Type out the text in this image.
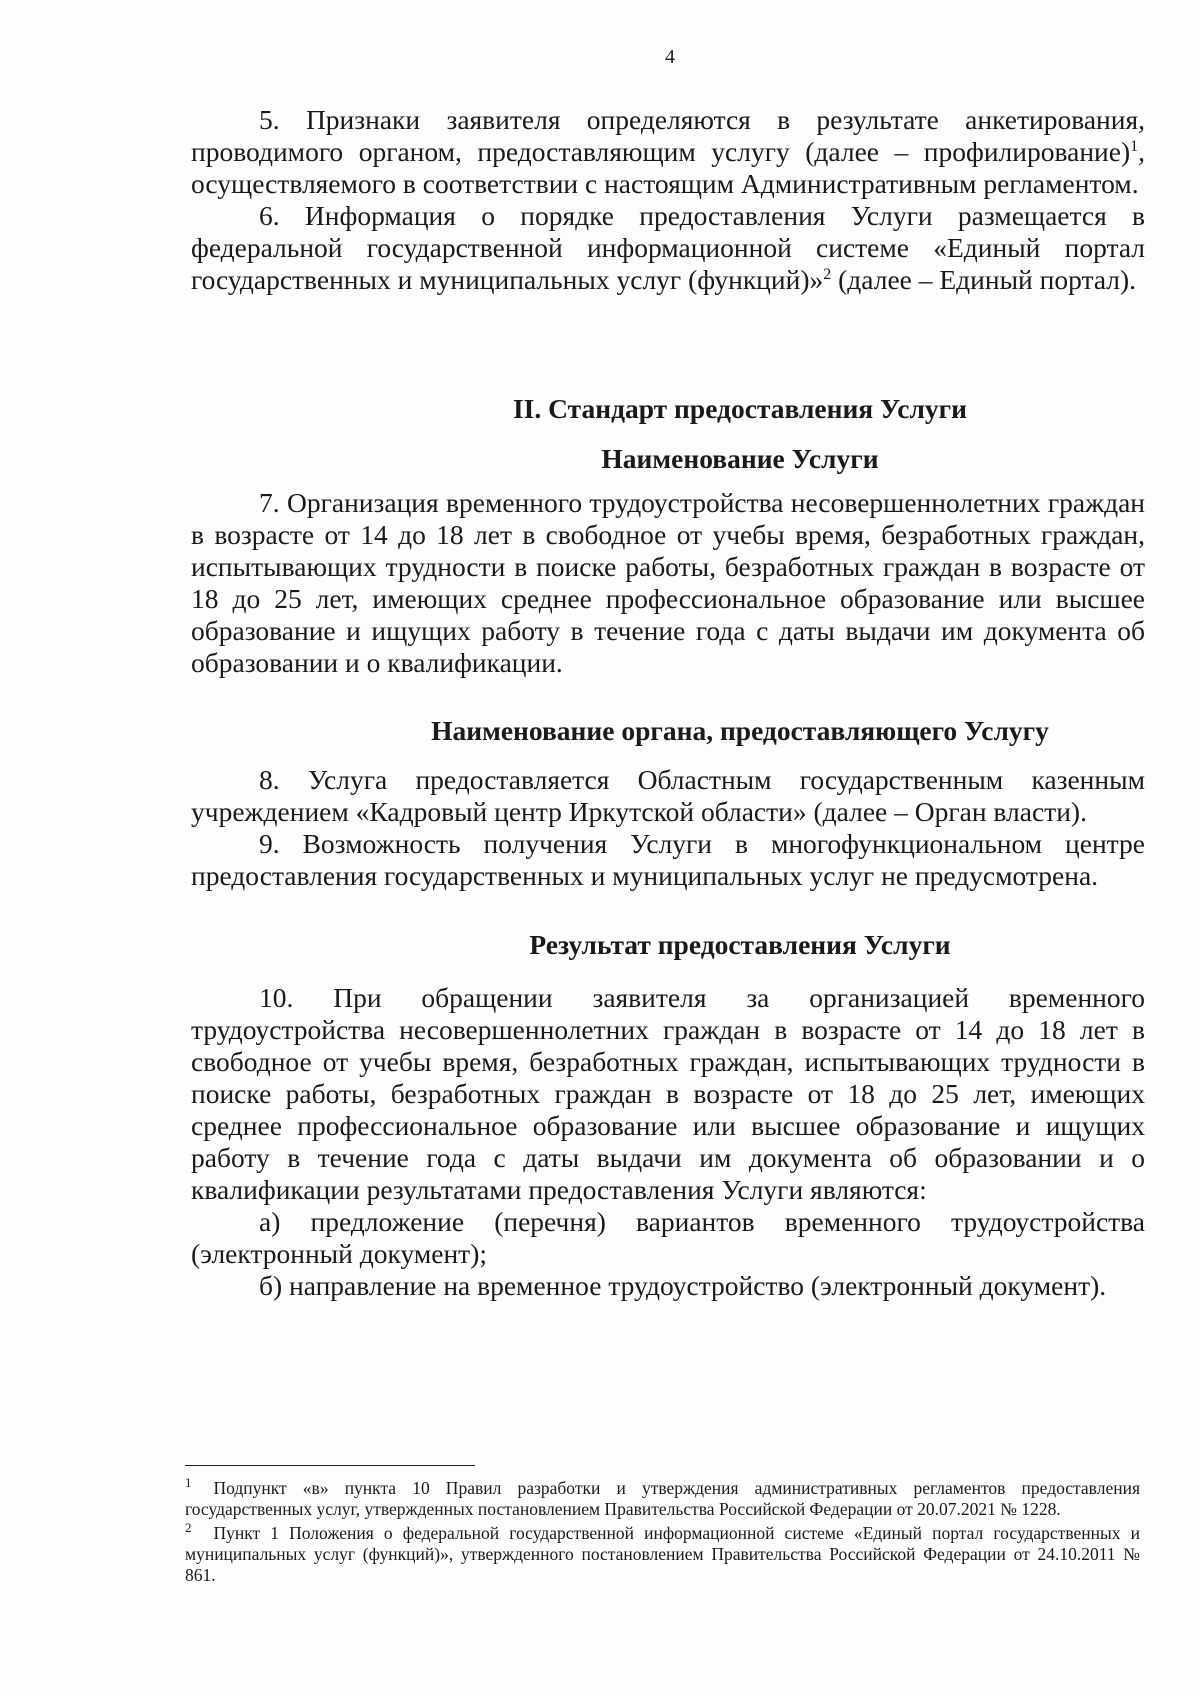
4

5. Признаки заявителя определяются в результате анкетирования, проводимого органом, предоставляющим услугу (далее – профилирование)$^1$, осуществляемого в соответствии с настоящим Административным регламентом.

6. Информация о порядке предоставления Услуги размещается в федеральной государственной информационной системе «Единый портал государственных и муниципальных услуг (функций)»$^2$ (далее – Единый портал).

II. Стандарт предоставления Услуги

Наименование Услуги

7. Организация временного трудоустройства несовершеннолетних граждан в возрасте от 14 до 18 лет в свободное от учебы время, безработных граждан, испытывающих трудности в поиске работы, безработных граждан в возрасте от 18 до 25 лет, имеющих среднее профессиональное образование или высшее образование и ищущих работу в течение года с даты выдачи им документа об образовании и о квалификации.

Наименование органа, предоставляющего Услугу

8. Услуга предоставляется Областным государственным казенным учреждением «Кадровый центр Иркутской области» (далее – Орган власти).

9. Возможность получения Услуги в многофункциональном центре предоставления государственных и муниципальных услуг не предусмотрена.

Результат предоставления Услуги

10. При обращении заявителя за организацией временного трудоустройства несовершеннолетних граждан в возрасте от 14 до 18 лет в свободное от учебы время, безработных граждан, испытывающих трудности в поиске работы, безработных граждан в возрасте от 18 до 25 лет, имеющих среднее профессиональное образование или высшее образование и ищущих работу в течение года с даты выдачи им документа об образовании и о квалификации результатами предоставления Услуги являются:

а) предложение (перечня) вариантов временного трудоустройства (электронный документ);

б) направление на временное трудоустройство (электронный документ).

$^1$ Подпункт «в» пункта 10 Правил разработки и утверждения административных регламентов предоставления государственных услуг, утвержденных постановлением Правительства Российской Федерации от 20.07.2021 № 1228.

$^2$ Пункт 1 Положения о федеральной государственной информационной системе «Единый портал государственных и муниципальных услуг (функций)», утвержденного постановлением Правительства Российской Федерации от 24.10.2011 № 861.
